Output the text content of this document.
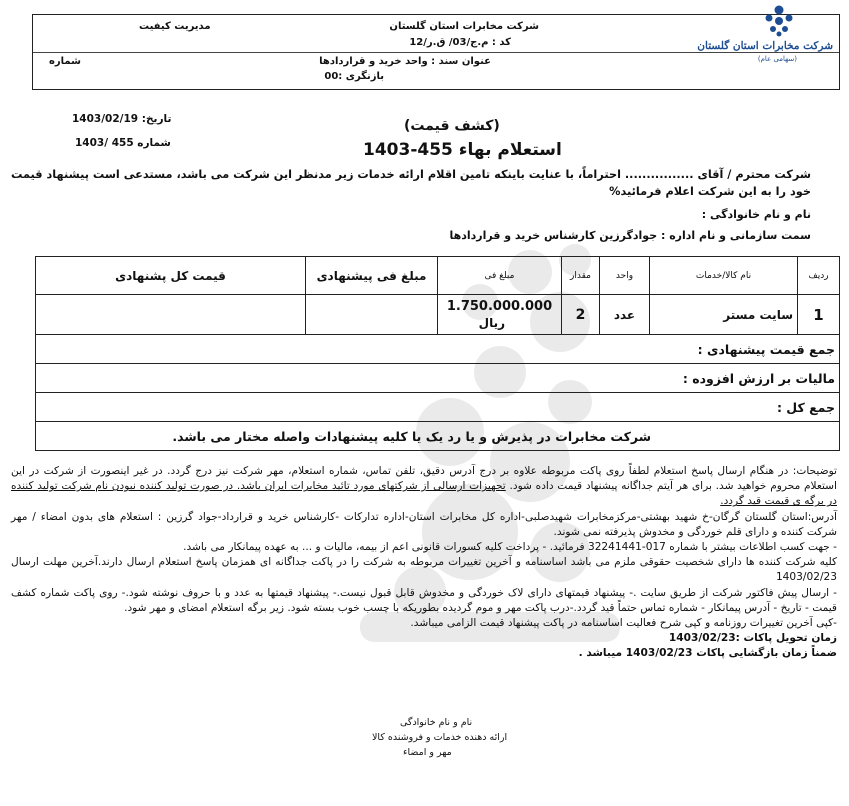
شرکت مخابرات استان گلستان
مدیریت کیفیت
کد : م.ج/03/ ق.ر/12
عنوان سند : واحد خرید و قراردادها
شماره
بازنگری :00
شرکت مخابرات استان گلستان
(سهامی عام)
تاریخ: 1403/02/19
شماره 455 /1403
(کشف قیمت)
استعلام بهاء 455-1403
شرکت محترم / آقای ................ احتراماً، با عنایت باینکه تامین اقلام ارائه خدمات زیر مدنظر این شرکت می باشد، مستدعی است پیشنهاد قیمت خود را به این شرکت اعلام فرمائید%
نام و نام خانوادگی :
سمت سازمانی و نام اداره : جوادگرزین کارشناس خرید و قراردادها
ردیف	نام کالا/خدمات	واحد	مقدار	مبلغ فی	مبلغ فی پیشنهادی	قیمت کل پشنهادی
1	سایت مستر	عدد	2	1.750.000.000
ریال		

جمع قیمت پیشنهادی :						
مالیات بر ارزش افزوده :						
جمع کل :						
شرکت مخابرات در پذیرش و یا رد یک یا کلیه پیشنهادات واصله مختار می باشد.						

توضیحات: در هنگام ارسال پاسخ استعلام لطفاً روی پاکت مربوطه علاوه بر درج آدرس دقیق، تلفن تماس، شماره استعلام، مهر شرکت نیز درج گردد. در غیر اینصورت از شرکت در این استعلام محروم خواهید شد. برای هر آیتم جداگانه پیشنهاد قیمت داده شود. تجهیزات ارسالی از شرکتهای مورد تائید مخابرات ایران باشد. در صورت تولید کننده نبودن نام شرکت تولید کننده در برگه ی قیمت قید گردد.

آدرس:استان گلستان گرگان-خ شهید بهشتی-مرکزمخابرات شهیدصلبی-اداره کل مخابرات استان-اداره تدارکات -کارشناس خرید و قرارداد-جواد گرزین : استعلام های بدون امضاء / مهر شرکت کننده و دارای قلم خوردگی و مخدوش پذیرفته نمی شوند.

- جهت کسب اطلاعات بیشتر با شماره 017-32241441 فرمائید. - پرداخت کلیه کسورات قانونی اعم از بیمه، مالیات و ... به عهده پیمانکار می باشد.

کلیه شرکت کننده ها دارای شخصیت حقوقی ملزم می باشد اساسنامه و آخرین تغییرات مربوطه به شرکت را در پاکت جداگانه ای همزمان پاسخ استعلام ارسال دارند.آخرین مهلت ارسال 1403/02/23

- ارسال پیش فاکتور شرکت از طریق سایت .- پیشنهاد قیمتهای دارای لاک خوردگی و مخدوش قابل قبول نیست.- پیشنهاد قیمتها به عدد و با حروف نوشته شود.- روی پاکت شماره کشف قیمت - تاریخ - آدرس پیمانکار - شماره تماس حتماً قید گردد.-درب پاکت مهر و موم گردیده بطوریکه با چسب خوب بسته شود. زیر برگه استعلام امضای و مهر شود.

-کپی آخرین تغییرات روزنامه و کپی شرح فعالیت اساسنامه در پاکت پیشنهاد قیمت الزامی میباشد.

زمان تحویل پاکات :1403/02/23

ضمناً زمان بازگشایی پاکات 1403/02/23 میباشد .

نام و نام خانوادگی
ارائه دهنده خدمات و فروشنده کالا
مهر و امضاء
